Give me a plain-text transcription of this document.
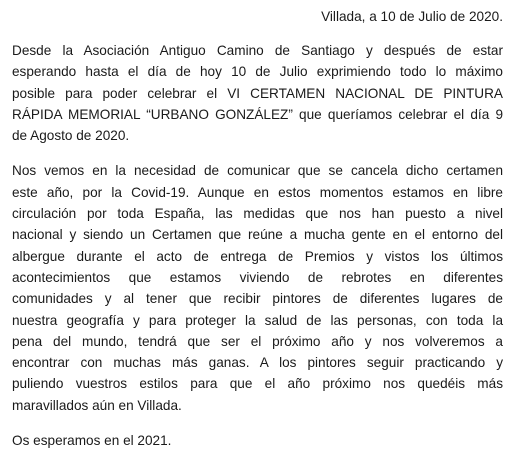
Villada, a 10 de Julio de 2020.
Desde la Asociación Antiguo Camino de Santiago y después de estar
esperando hasta el día de hoy 10 de Julio exprimiendo todo lo máximo
posible para poder celebrar el VI CERTAMEN NACIONAL DE PINTURA
RÁPIDA MEMORIAL “URBANO GONZÁLEZ” que queríamos celebrar el día 9
de Agosto de 2020.
Nos vemos en la necesidad de comunicar que se cancela dicho certamen
este año, por la Covid-19. Aunque en estos momentos estamos en libre
circulación por toda España, las medidas que nos han puesto a nivel
nacional y siendo un Certamen que reúne a mucha gente en el entorno del
albergue durante el acto de entrega de Premios y vistos los últimos
acontecimientos que estamos viviendo de rebrotes en diferentes
comunidades y al tener que recibir pintores de diferentes lugares de
nuestra geografía y para proteger la salud de las personas, con toda la
pena del mundo, tendrá que ser el próximo año y nos volveremos a
encontrar con muchas más ganas. A los pintores seguir practicando y
puliendo vuestros estilos para que el año próximo nos quedéis más
maravillados aún en Villada.
Os esperamos en el 2021.
